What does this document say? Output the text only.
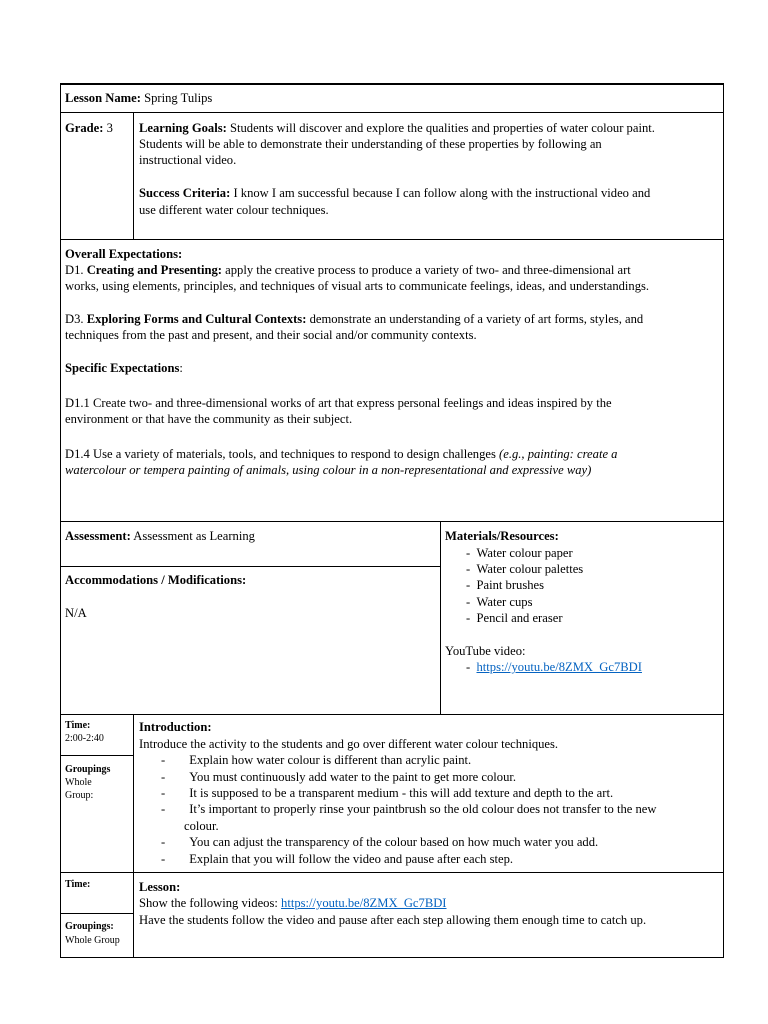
Lesson Name: Spring Tulips
Grade: 3 Learning Goals: Students will discover and explore the qualities and properties of water colour paint.
Students will be able to demonstrate their understanding of these properties by following an
instructional video.
Success Criteria: I know I am successful because I can follow along with the instructional video and
use different water colour techniques.
Overall Expectations:
D1. Creating and Presenting: apply the creative process to produce a variety of two- and three-dimensional art
works, using elements, principles, and techniques of visual arts to communicate feelings, ideas, and understandings.
D3. Exploring Forms and Cultural Contexts: demonstrate an understanding of a variety of art forms, styles, and
techniques from the past and present, and their social and/or community contexts.
Specific Expectations:
D1.1 Create two- and three-dimensional works of art that express personal feelings and ideas inspired by the
environment or that have the community as their subject.
D1.4 Use a variety of materials, tools, and techniques to respond to design challenges (e.g., painting: create a
watercolour or tempera painting of animals, using colour in a non-representational and expressive way)
Assessment: Assessment as Learning
Accommodations / Modifications:
N/A
Materials/Resources:
-  Water colour paper
-  Water colour palettes
-  Paint brushes
-  Water cups
-  Pencil and eraser
YouTube video:
-  https://youtu.be/8ZMX_Gc7BDI
Time:
2:00-2:40
Groupings
Whole
Group:
Introduction:
Introduce the activity to the students and go over different water colour techniques.
- Explain how water colour is different than acrylic paint.
- You must continuously add water to the paint to get more colour.
- It is supposed to be a transparent medium - this will add texture and depth to the art.
- It’s important to properly rinse your paintbrush so the old colour does not transfer to the new
colour.
- You can adjust the transparency of the colour based on how much water you add.
- Explain that you will follow the video and pause after each step.
Time:
Groupings:
Whole Group
Lesson:
Show the following videos: https://youtu.be/8ZMX_Gc7BDI
Have the students follow the video and pause after each step allowing them enough time to catch up.
